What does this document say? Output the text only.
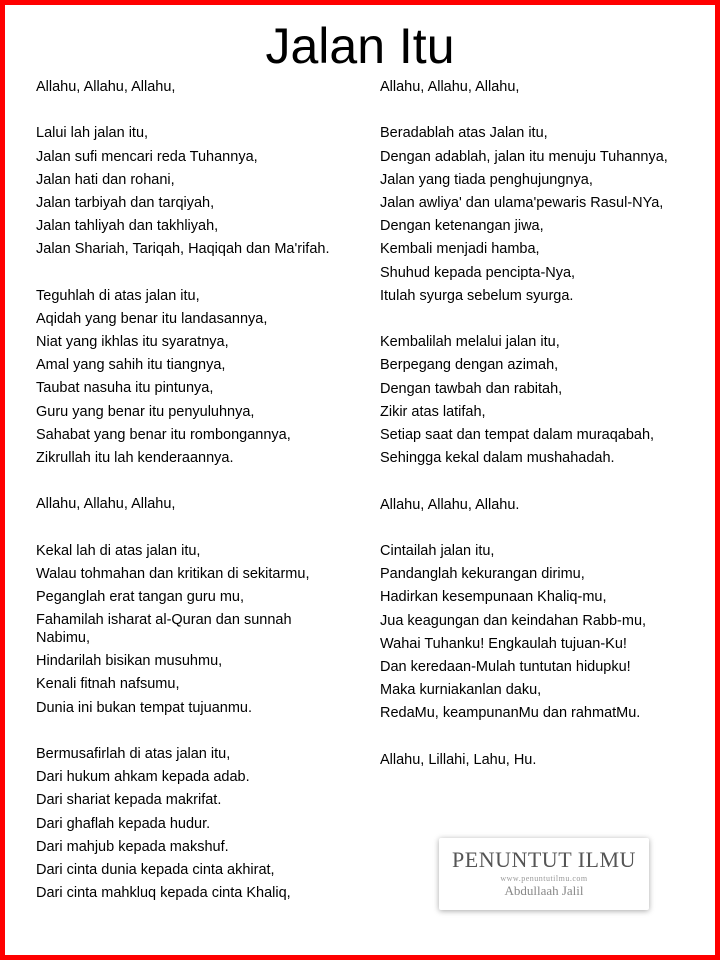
Jalan Itu
Allahu, Allahu, Allahu,
Lalui lah jalan itu,
Jalan sufi mencari reda Tuhannya,
Jalan hati dan rohani,
Jalan tarbiyah dan tarqiyah,
Jalan tahliyah dan takhliyah,
Jalan Shariah, Tariqah, Haqiqah dan Ma'rifah.
Teguhlah di atas jalan itu,
Aqidah yang benar itu landasannya,
Niat yang ikhlas itu syaratnya,
Amal yang sahih itu tiangnya,
Taubat nasuha itu pintunya,
Guru yang benar itu penyuluhnya,
Sahabat yang benar itu rombongannya,
Zikrullah itu lah kenderaannya.
Allahu, Allahu, Allahu,
Kekal lah di atas jalan itu,
Walau tohmahan dan kritikan di sekitarmu,
Peganglah erat tangan guru mu,
Fahamilah isharat al-Quran dan sunnah Nabimu,
Hindarilah bisikan musuhmu,
Kenali fitnah nafsumu,
Dunia ini bukan tempat tujuanmu.
Bermusafirlah di atas jalan itu,
Dari hukum ahkam kepada adab.
Dari shariat kepada makrifat.
Dari ghaflah kepada hudur.
Dari mahjub kepada makshuf.
Dari cinta dunia kepada cinta akhirat,
Dari cinta mahkluq kepada cinta Khaliq,
Allahu, Allahu, Allahu,
Beradablah atas Jalan itu,
Dengan adablah, jalan itu menuju Tuhannya,
Jalan yang tiada penghujungnya,
Jalan awliya' dan ulama'pewaris Rasul-NYa,
Dengan ketenangan jiwa,
Kembali menjadi hamba,
Shuhud kepada pencipta-Nya,
Itulah syurga sebelum syurga.
Kembalilah melalui jalan itu,
Berpegang dengan azimah,
Dengan tawbah dan rabitah,
Zikir atas latifah,
Setiap saat dan tempat dalam muraqabah,
Sehingga kekal dalam mushahadah.
Allahu, Allahu, Allahu.
Cintailah jalan itu,
Pandanglah kekurangan dirimu,
Hadirkan kesempunaan Khaliq-mu,
Jua keagungan dan keindahan Rabb-mu,
Wahai Tuhanku! Engkaulah tujuan-Ku!
Dan keredaan-Mulah tuntutan hidupku!
Maka kurniakanlan daku,
RedaMu, keampunanMu dan rahmatMu.
Allahu, Lillahi, Lahu, Hu.
PENUNTUT ILMU
www.penuntutilmu.com
Abdullaah Jalil
